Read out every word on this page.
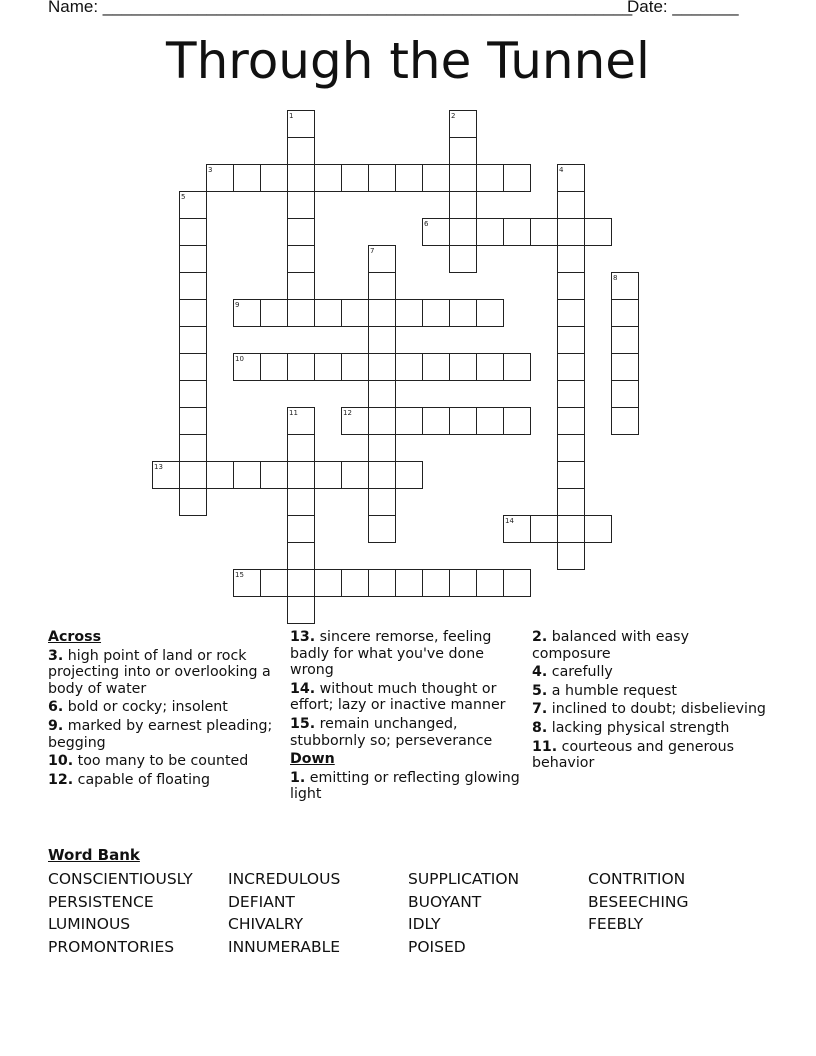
Name: ________________________________________________________
Date: _______
Through the Tunnel
1	2
3	4
5
6
7
8
9
10
11	12
13
14
15
Across
3. high point of land or rock projecting into or overlooking a body of water
6. bold or cocky; insolent
9. marked by earnest pleading; begging
10. too many to be counted
12. capable of floating
13. sincere remorse, feeling badly for what you've done wrong
14. without much thought or effort; lazy or inactive manner
15. remain unchanged, stubbornly so; perseverance
Down
1. emitting or reflecting glowing light
2. balanced with easy composure
4. carefully
5. a humble request
7. inclined to doubt; disbelieving
8. lacking physical strength
11. courteous and generous behavior
Word Bank
CONSCIENTIOUSLY
PERSISTENCE
LUMINOUS
PROMONTORIES
INCREDULOUS
DEFIANT
CHIVALRY
INNUMERABLE
SUPPLICATION
BUOYANT
IDLY
POISED
CONTRITION
BESEECHING
FEEBLY
